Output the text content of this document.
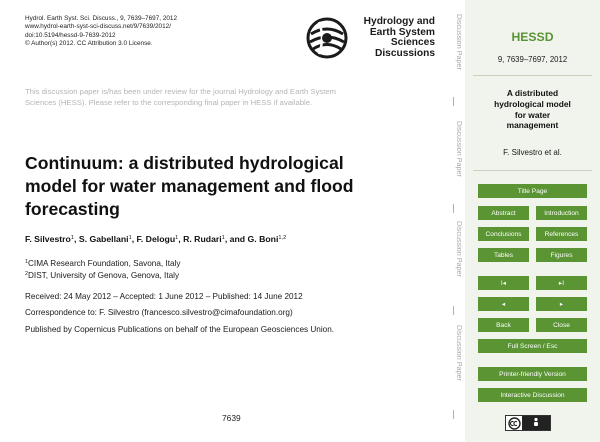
Hydrol. Earth Syst. Sci. Discuss., 9, 7639–7697, 2012
www.hydrol-earth-syst-sci-discuss.net/9/7639/2012/
doi:10.5194/hessd-9-7639-2012
© Author(s) 2012. CC Attribution 3.0 License.
Hydrology and
Earth System
Sciences
Discussions
This discussion paper is/has been under review for the journal Hydrology and Earth System
Sciences (HESS). Please refer to the corresponding final paper in HESS if available.
Continuum: a distributed hydrological
model for water management and flood
forecasting
F. Silvestro$^1$, S. Gabellani$^1$, F. Delogu$^1$, R. Rudari$^1$, and G. Boni$^{1,2}$
$^1$CIMA Research Foundation, Savona, Italy
$^2$DIST, University of Genova, Genova, Italy
Received: 24 May 2012 – Accepted: 1 June 2012 – Published: 14 June 2012
Correspondence to: F. Silvestro (francesco.silvestro@cimafoundation.org)
Published by Copernicus Publications on behalf of the European Geosciences Union.
7639
Discussion Paper
Discussion Paper
Discussion Paper
Discussion Paper
HESSD
9, 7639–7697, 2012
A distributed
hydrological model
for water
management
F. Silvestro et al.
Title Page
Abstract	Introduction
Conclusions	References
Tables	Figures
I◂	▸I
◂	▸
Back	Close
Full Screen / Esc
Printer-friendly Version
Interactive Discussion
